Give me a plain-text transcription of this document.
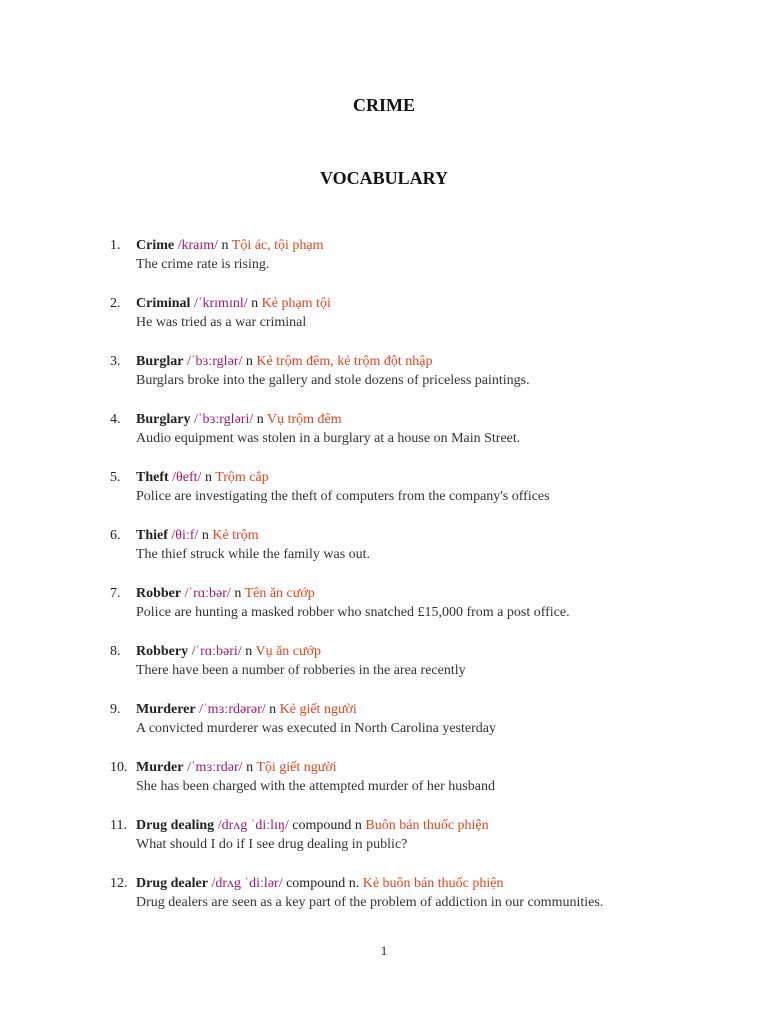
CRIME
VOCABULARY
1.	Crime /kraɪm/ n Tội ác, tội phạm
The crime rate is rising.
2.	Criminal /ˈkrɪmɪnl/ n Kẻ phạm tội
He was tried as a war criminal
3.	Burglar /ˈbɜːrglər/ n Kẻ trộm đêm, kẻ trộm đột nhập
Burglars broke into the gallery and stole dozens of priceless paintings.
4.	Burglary /ˈbɜːrgləri/ n Vụ trộm đêm
Audio equipment was stolen in a burglary at a house on Main Street.
5.	Theft /θeft/ n Trộm cắp
Police are investigating the theft of computers from the company's offices
6.	Thief /θiːf/ n Kẻ trộm
The thief struck while the family was out.
7.	Robber /ˈrɑːbər/ n Tên ăn cướp
Police are hunting a masked robber who snatched £15,000 from a post office.
8.	Robbery /ˈrɑːbəri/ n Vụ ăn cướp
There have been a number of robberies in the area recently
9.	Murderer /ˈmɜːrdərər/ n Kẻ giết người
A convicted murderer was executed in North Carolina yesterday
10. Murder /ˈmɜːrdər/ n Tội giết người
She has been charged with the attempted murder of her husband
11. Drug dealing /drʌg ˈdiːlɪŋ/ compound n Buôn bán thuốc phiện
What should I do if I see drug dealing in public?
12. Drug dealer /drʌg ˈdiːlər/ compound n. Kẻ buôn bán thuốc phiện
Drug dealers are seen as a key part of the problem of addiction in our communities.
1
